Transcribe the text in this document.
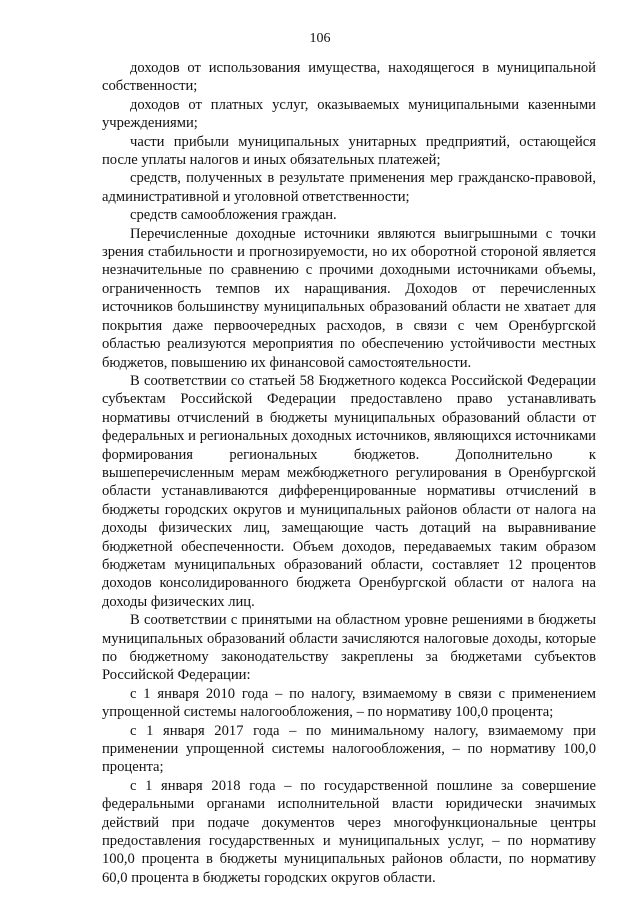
106

доходов от использования имущества, находящегося в муниципальной собственности;

доходов от платных услуг, оказываемых муниципальными казенными учреждениями;

части прибыли муниципальных унитарных предприятий, остающейся после уплаты налогов и иных обязательных платежей;

средств, полученных в результате применения мер гражданско-правовой, административной и уголовной ответственности;

средств самообложения граждан.

Перечисленные доходные источники являются выигрышными с точки зрения стабильности и прогнозируемости, но их оборотной стороной является незначительные по сравнению с прочими доходными источниками объемы, ограниченность темпов их наращивания. Доходов от перечисленных источников большинству муниципальных образований области не хватает для покрытия даже первоочередных расходов, в связи с чем Оренбургской областью реализуются мероприятия по обеспечению устойчивости местных бюджетов, повышению их финансовой самостоятельности.

В соответствии со статьей 58 Бюджетного кодекса Российской Федерации субъектам Российской Федерации предоставлено право устанавливать нормативы отчислений в бюджеты муниципальных образований области от федеральных и региональных доходных источников, являющихся источниками формирования региональных бюджетов. Дополнительно к вышеперечисленным мерам межбюджетного регулирования в Оренбургской области устанавливаются дифференцированные нормативы отчислений в бюджеты городских округов и муниципальных районов области от налога на доходы физических лиц, замещающие часть дотаций на выравнивание бюджетной обеспеченности. Объем доходов, передаваемых таким образом бюджетам муниципальных образований области, составляет 12 процентов доходов консолидированного бюджета Оренбургской области от налога на доходы физических лиц.

В соответствии с принятыми на областном уровне решениями в бюджеты муниципальных образований области зачисляются налоговые доходы, которые по бюджетному законодательству закреплены за бюджетами субъектов Российской Федерации:

с 1 января 2010 года – по налогу, взимаемому в связи с применением упрощенной системы налогообложения, – по нормативу 100,0 процента;

с 1 января 2017 года – по минимальному налогу, взимаемому при применении упрощенной системы налогообложения, – по нормативу 100,0 процента;

с 1 января 2018 года – по государственной пошлине за совершение федеральными органами исполнительной власти юридически значимых действий при подаче документов через многофункциональные центры предоставления государственных и муниципальных услуг, – по нормативу 100,0 процента в бюджеты муниципальных районов области, по нормативу 60,0 процента в бюджеты городских округов области.
